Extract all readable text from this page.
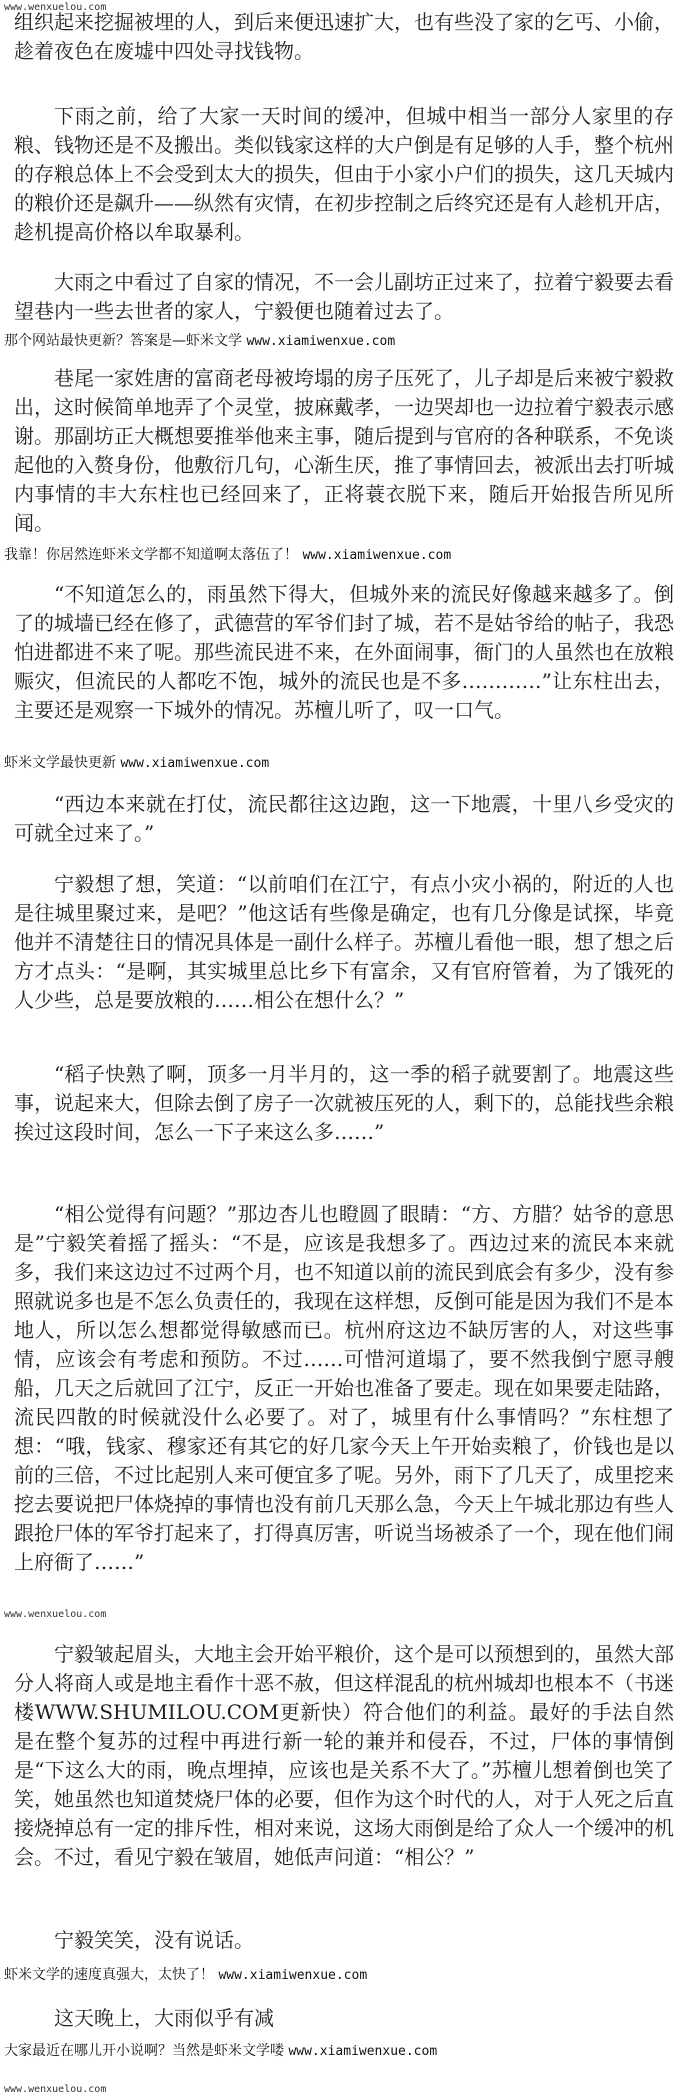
www.wenxuelou.com
组织起来挖掘被埋的人，到后来便迅速扩大，也有些没了家的乞丐、小偷，趁着夜色在废墟中四处寻找钱物。
下雨之前，给了大家一天时间的缓冲，但城中相当一部分人家里的存粮、钱物还是不及搬出。类似钱家这样的大户倒是有足够的人手，整个杭州的存粮总体上不会受到太大的损失，但由于小家小户们的损失，这几天城内的粮价还是飙升——纵然有灾情，在初步控制之后终究还是有人趁机开店，趁机提高价格以牟取暴利。
大雨之中看过了自家的情况，不一会儿副坊正过来了，拉着宁毅要去看望巷内一些去世者的家人，宁毅便也随着过去了。
那个网站最快更新？答案是—虾米文学 www.xiamiwenxue.com
巷尾一家姓唐的富商老母被垮塌的房子压死了，儿子却是后来被宁毅救出，这时候简单地弄了个灵堂，披麻戴孝，一边哭却也一边拉着宁毅表示感谢。那副坊正大概想要推举他来主事，随后提到与官府的各种联系，不免谈起他的入赘身份，他敷衍几句，心渐生厌，推了事情回去，被派出去打听城内事情的丰大东柱也已经回来了，正将蓑衣脱下来，随后开始报告所见所闻。
我靠！你居然连虾米文学都不知道啊太落伍了！ www.xiamiwenxue.com
“不知道怎么的，雨虽然下得大，但城外来的流民好像越来越多了。倒了的城墙已经在修了，武德营的军爷们封了城，若不是姑爷给的帖子，我恐怕进都进不来了呢。那些流民进不来，在外面闹事，衙门的人虽然也在放粮赈灾，但流民的人都吃不饱，城外的流民也是不多…………”让东柱出去，主要还是观察一下城外的情况。苏檀儿听了，叹一口气。
虾米文学最快更新 www.xiamiwenxue.com
“西边本来就在打仗，流民都往这边跑，这一下地震，十里八乡受灾的可就全过来了。”
宁毅想了想，笑道：“以前咱们在江宁，有点小灾小祸的，附近的人也是往城里聚过来，是吧？”他这话有些像是确定，也有几分像是试探，毕竟他并不清楚往日的情况具体是一副什么样子。苏檀儿看他一眼，想了想之后方才点头：“是啊，其实城里总比乡下有富余，又有官府管着，为了饿死的人少些，总是要放粮的……相公在想什么？”
“稻子快熟了啊，顶多一月半月的，这一季的稻子就要割了。地震这些事，说起来大，但除去倒了房子一次就被压死的人，剩下的，总能找些余粮挨过这段时间，怎么一下子来这么多……”
“相公觉得有问题？”那边杏儿也瞪圆了眼睛：“方、方腊？姑爷的意思是”宁毅笑着摇了摇头：“不是，应该是我想多了。西边过来的流民本来就多，我们来这边过不过两个月，也不知道以前的流民到底会有多少，没有参照就说多也是不怎么负责任的，我现在这样想，反倒可能是因为我们不是本地人，所以怎么想都觉得敏感而已。杭州府这边不缺厉害的人，对这些事情，应该会有考虑和预防。不过……可惜河道塌了，要不然我倒宁愿寻艘船，几天之后就回了江宁，反正一开始也准备了要走。现在如果要走陆路，流民四散的时候就没什么必要了。对了，城里有什么事情吗？”东柱想了想：“哦，钱家、穆家还有其它的好几家今天上午开始卖粮了，价钱也是以前的三倍，不过比起别人来可便宜多了呢。另外，雨下了几天了，成里挖来挖去要说把尸体烧掉的事情也没有前几天那么急，今天上午城北那边有些人跟抢尸体的军爷打起来了，打得真厉害，听说当场被杀了一个，现在他们闹上府衙了……”
www.wenxuelou.com
宁毅皱起眉头，大地主会开始平粮价，这个是可以预想到的，虽然大部分人将商人或是地主看作十恶不赦，但这样混乱的杭州城却也根本不（书迷楼WWW.SHUMILOU.COM更新快）符合他们的利益。最好的手法自然是在整个复苏的过程中再进行新一轮的兼并和侵吞，不过，尸体的事情倒是“下这么大的雨，晚点埋掉，应该也是关系不大了。”苏檀儿想着倒也笑了笑，她虽然也知道焚烧尸体的必要，但作为这个时代的人，对于人死之后直接烧掉总有一定的排斥性，相对来说，这场大雨倒是给了众人一个缓冲的机会。不过，看见宁毅在皱眉，她低声问道：“相公？”
宁毅笑笑，没有说话。
虾米文学的速度真强大，太快了！ www.xiamiwenxue.com
这天晚上，大雨似乎有减
大家最近在哪儿开小说啊？当然是虾米文学喽 www.xiamiwenxue.com
www.wenxuelou.com
